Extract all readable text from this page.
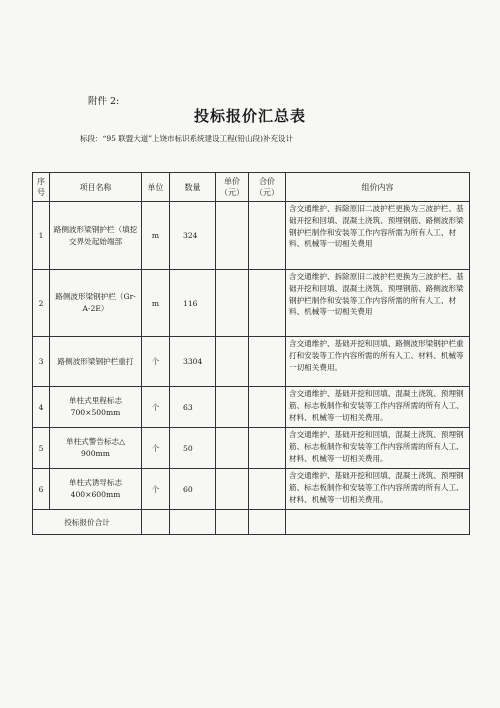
附件 2:
投标报价汇总表
标段：“95 联盟大道”上饶市标识系统建设工程(铅山段)补充设计
序号	项目名称	单位	数量	单价（元）	合价（元）	组价内容
1	路侧波形梁钢护栏（填挖交界处起始端部	m	324			含交通维护、拆除原旧二波护栏更换为三波护栏、基础开挖和回填、混凝土浇筑、预埋钢筋、路侧波形梁钢护栏制作和安装等工作内容所需为所有人工、材料、机械等一切相关费用
2	路侧波形梁钢护栏（Gr-A-2E）	m	116			含交通维护、拆除原旧二波护栏更换为三波护栏、基础开挖和回填、混凝土浇筑、预埋钢筋、路侧波形梁钢护栏制作和安装等工作内容所需的所有人工、材料、机械等一切相关费用
3	路侧波形梁钢护栏重打	个	3304			含交通维护、基础开挖和回填、路侧波形梁钢护栏重打和安装等工作内容所需的所有人工、材料、机械等一切相关费用。
4	单柱式里程标志 700×500mm	个	63			含交通维护、基础开挖和回填、混凝土浇筑、预埋钢筋、标志板制作和安装等工作内容所需的所有人工、材料、机械等一切相关费用。
5	单柱式警告标志△ 900mm	个	50			含交通维护、基础开挖和回填、混凝土浇筑、预埋钢筋、标志板制作和安装等工作内容所需的所有人工、材料、机械等一切相关费用。
6	单柱式诱导标志 400×600mm	个	60			含交通维护、基础开挖和回填、混凝土浇筑、预埋钢筋、标志板制作和安装等工作内容所需的所有人工、材料、机械等一切相关费用。
投标报价合计						
